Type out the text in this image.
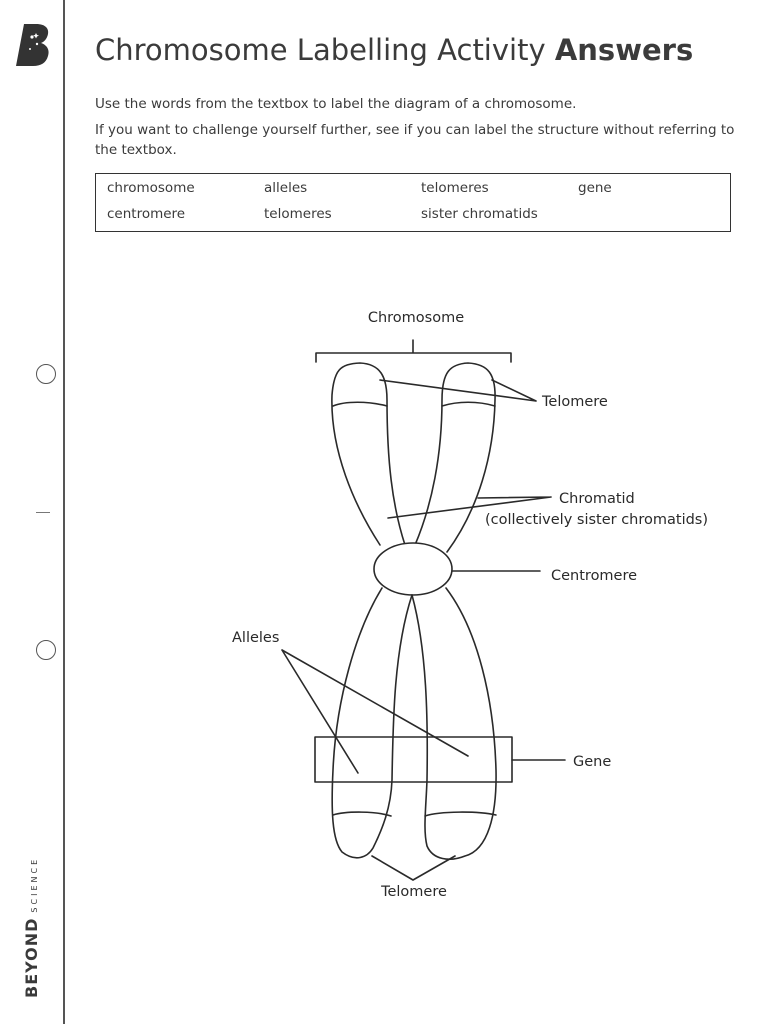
BEYONDSCIENCE
Chromosome Labelling Activity Answers

Use the words from the textbox to label the diagram of a chromosome.

If you want to challenge yourself further, see if you can label the structure without referring to the textbox.

chromosome	alleles	telomeres	gene
centromere	telomeres	sister chromatids
Chromosome
Telomere
Chromatid
(collectively sister chromatids)
Centromere
Alleles
Gene
Telomere
